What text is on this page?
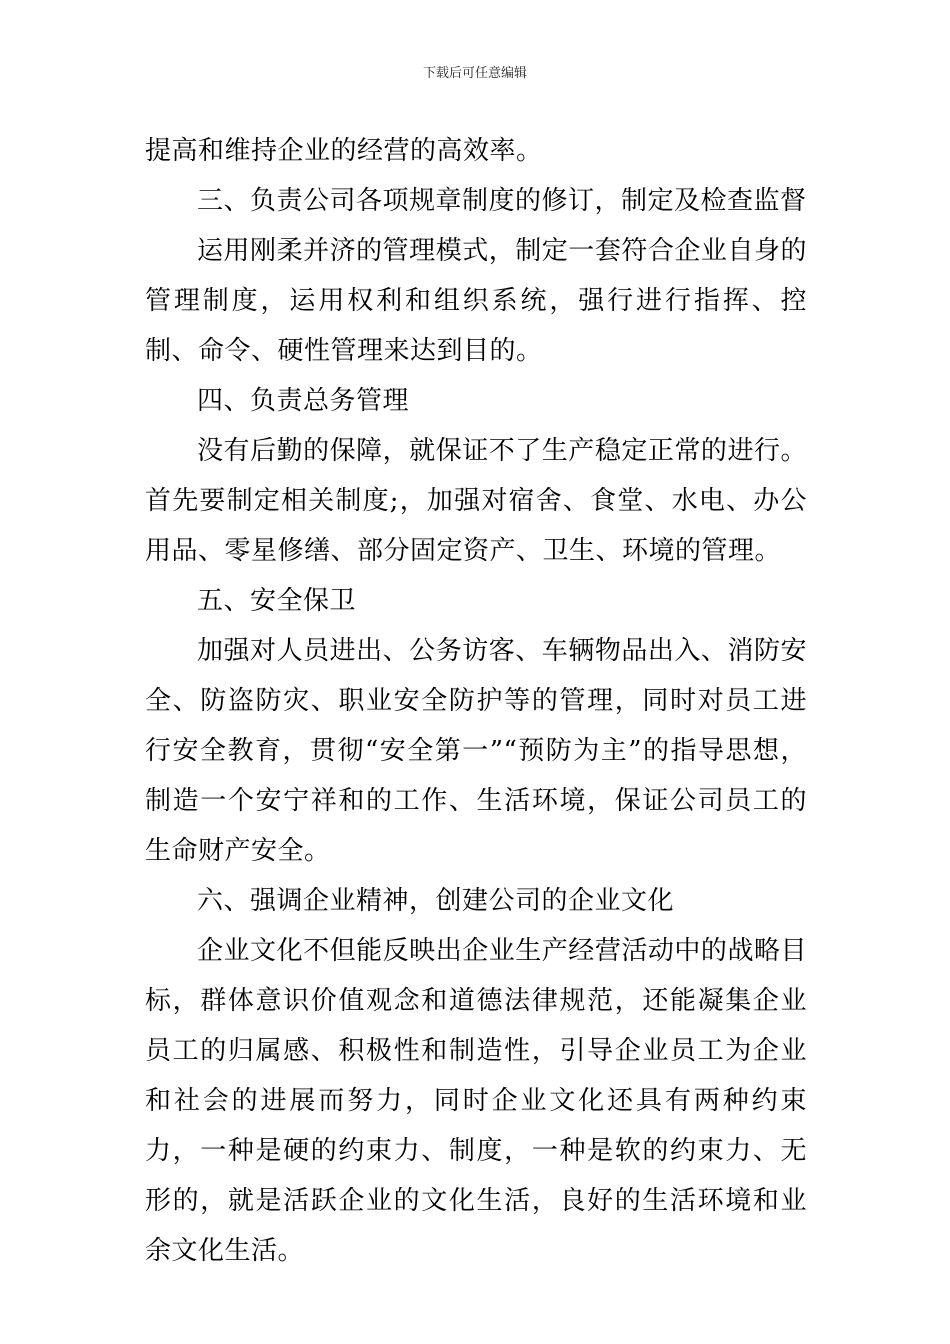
下载后可任意编辑

提高和维持企业的经营的高效率。

三、负责公司各项规章制度的修订，制定及检查监督

运用刚柔并济的管理模式，制定一套符合企业自身的管理制度，运用权利和组织系统，强行进行指挥、控制、命令、硬性管理来达到目的。

四、负责总务管理

没有后勤的保障，就保证不了生产稳定正常的进行。首先要制定相关制度;，加强对宿舍、食堂、水电、办公用品、零星修缮、部分固定资产、卫生、环境的管理。

五、安全保卫

加强对人员进出、公务访客、车辆物品出入、消防安全、防盗防灾、职业安全防护等的管理，同时对员工进行安全教育，贯彻“安全第一”“预防为主”的指导思想，制造一个安宁祥和的工作、生活环境，保证公司员工的生命财产安全。

六、强调企业精神，创建公司的企业文化

企业文化不但能反映出企业生产经营活动中的战略目标，群体意识价值观念和道德法律规范，还能凝集企业员工的归属感、积极性和制造性，引导企业员工为企业和社会的进展而努力，同时企业文化还具有两种约束力，一种是硬的约束力、制度，一种是软的约束力、无形的，就是活跃企业的文化生活，良好的生活环境和业余文化生活。
